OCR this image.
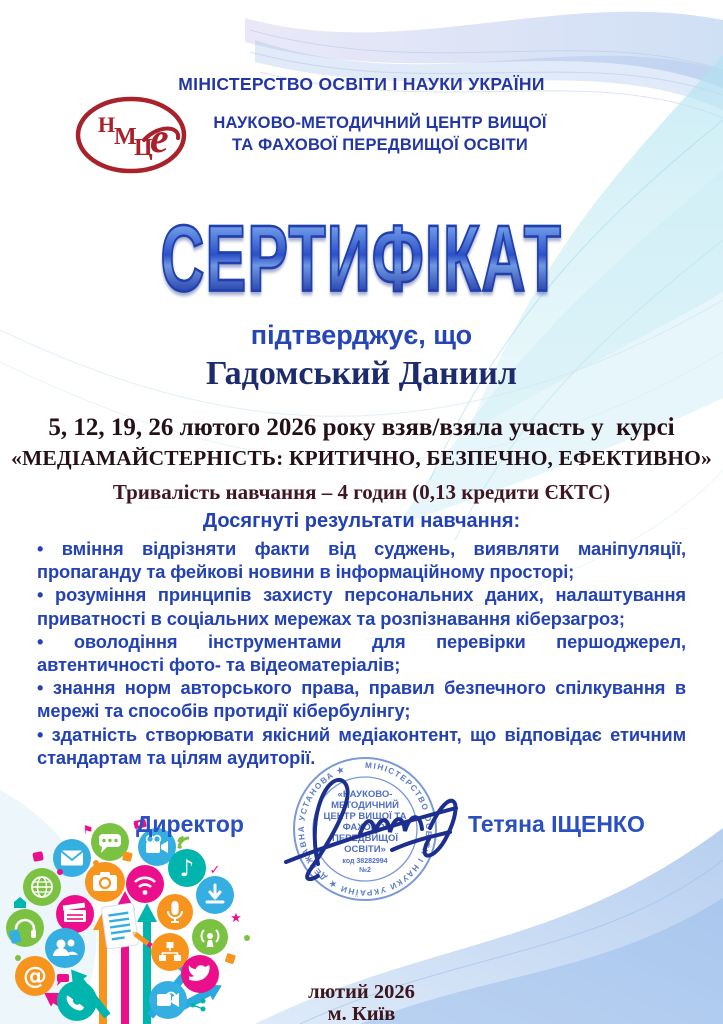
МІНІСТЕРСТВО ОСВІТИ І НАУКИ УКРАЇНИ
Н
М
Ц
е	НАУКОВО-МЕТОДИЧНИЙ ЦЕНТР ВИЩОЇ
ТА ФАХОВОЇ ПЕРЕДВИЩОЇ ОСВІТИ
СЕРТИФІКАТ
підтверджує, що
Гадомський Даниил
5, 12, 19, 26 лютого 2026 року взяв/взяла участь у  курсі
«МЕДІАМАЙСТЕРНІСТЬ: КРИТИЧНО, БЕЗПЕЧНО, ЕФЕКТИВНО»
Тривалість навчання – 4 годин (0,13 кредити ЄКТС)
Досягнуті результати навчання:

• вміння відрізняти факти від суджень, виявляти маніпуляції, пропаганду та фейкові новини в інформаційному просторі;

• розуміння принципів захисту персональних даних, налаштування приватності в соціальних мережах та розпізнавання кіберзагроз;

• оволодіння інструментами для перевірки першоджерел, автентичності фото- та відеоматеріалів;

• знання норм авторського права, правил безпечного спілкування в мережі та способів протидії кібербулінгу;

• здатність створювати якісний медіаконтент, що відповідає етичним стандартам та цілям аудиторії.

Директор	Тетяна ІЩЕНКО
МІНІСТЕРСТВО ОСВІТИ І НАУКИ УКРАЇНИ ★ ДЕРЖАВНА УСТАНОВА ★
«НАУКОВО-
МЕТОДИЧНИЙ
ЦЕНТР ВИЩОЇ ТА
ФАХОВОЇ
ПЕРЕДВИЩОЇ
ОСВІТИ»
код 38282994
№2
♪
@
⚑
✓
★
лютий 2026
м. Київ
